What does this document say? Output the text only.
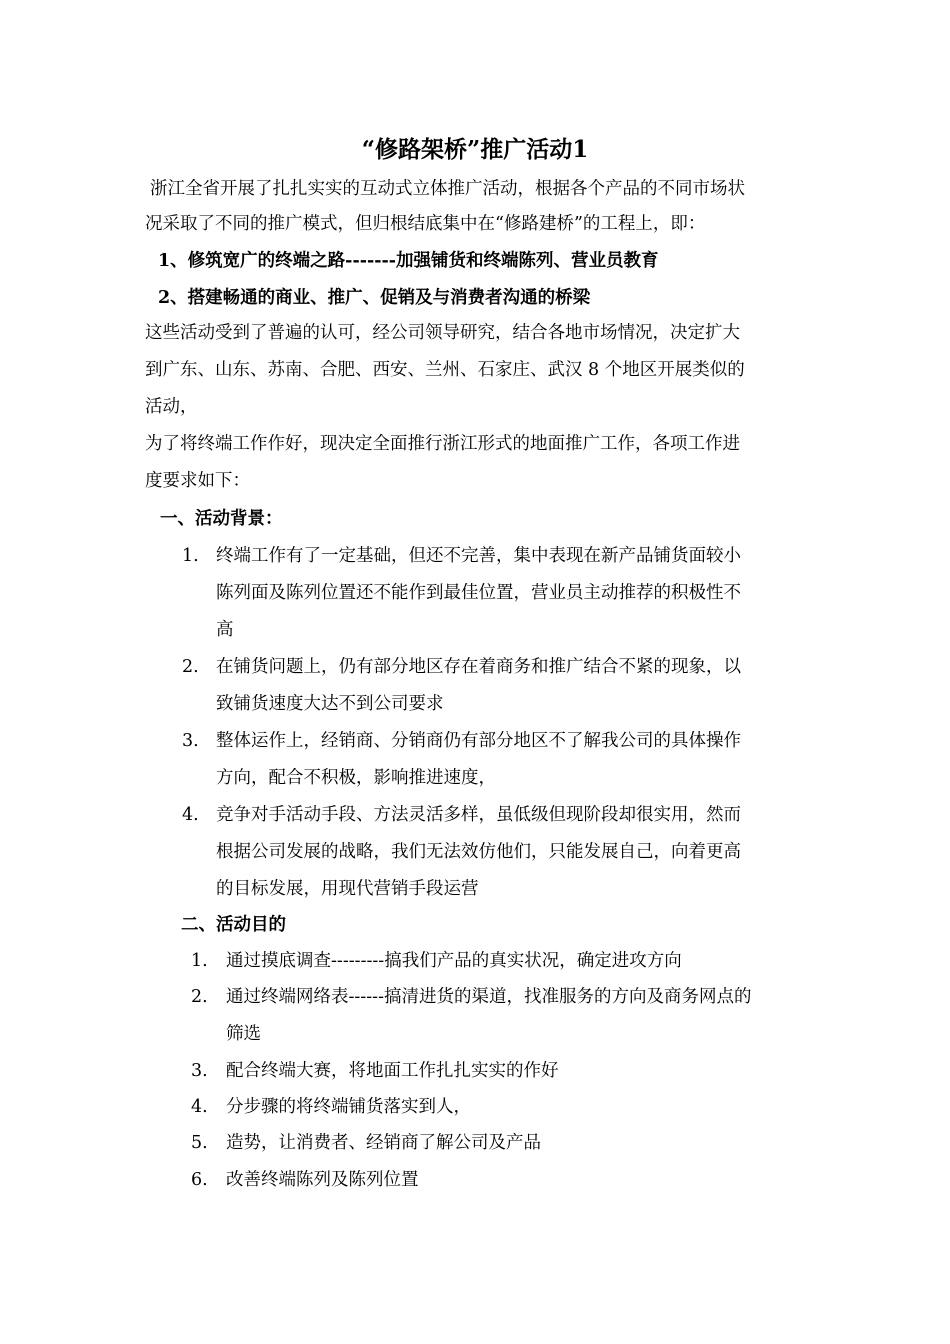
“修路架桥”推广活动1
浙江全省开展了扎扎实实的互动式立体推广活动，根据各个产品的不同市场状
况采取了不同的推广模式，但归根结底集中在“修路建桥”的工程上，即：
1、修筑宽广的终端之路-------加强铺货和终端陈列、营业员教育
2、搭建畅通的商业、推广、促销及与消费者沟通的桥梁
这些活动受到了普遍的认可，经公司领导研究，结合各地市场情况，决定扩大
到广东、山东、苏南、合肥、西安、兰州、石家庄、武汉 8 个地区开展类似的
活动，
为了将终端工作作好，现决定全面推行浙江形式的地面推广工作，各项工作进
度要求如下：
一、活动背景：
1. 终端工作有了一定基础，但还不完善，集中表现在新产品铺货面较小
陈列面及陈列位置还不能作到最佳位置，营业员主动推荐的积极性不
高
2. 在铺货问题上，仍有部分地区存在着商务和推广结合不紧的现象，以
致铺货速度大达不到公司要求
3. 整体运作上，经销商、分销商仍有部分地区不了解我公司的具体操作
方向，配合不积极，影响推进速度，
4. 竞争对手活动手段、方法灵活多样，虽低级但现阶段却很实用，然而
根据公司发展的战略，我们无法效仿他们，只能发展自己，向着更高
的目标发展，用现代营销手段运营
二、活动目的
1. 通过摸底调查---------搞我们产品的真实状况，确定进攻方向
2. 通过终端网络表------搞清进货的渠道，找准服务的方向及商务网点的
筛选
3. 配合终端大赛，将地面工作扎扎实实的作好
4. 分步骤的将终端铺货落实到人，
5. 造势，让消费者、经销商了解公司及产品
6. 改善终端陈列及陈列位置
